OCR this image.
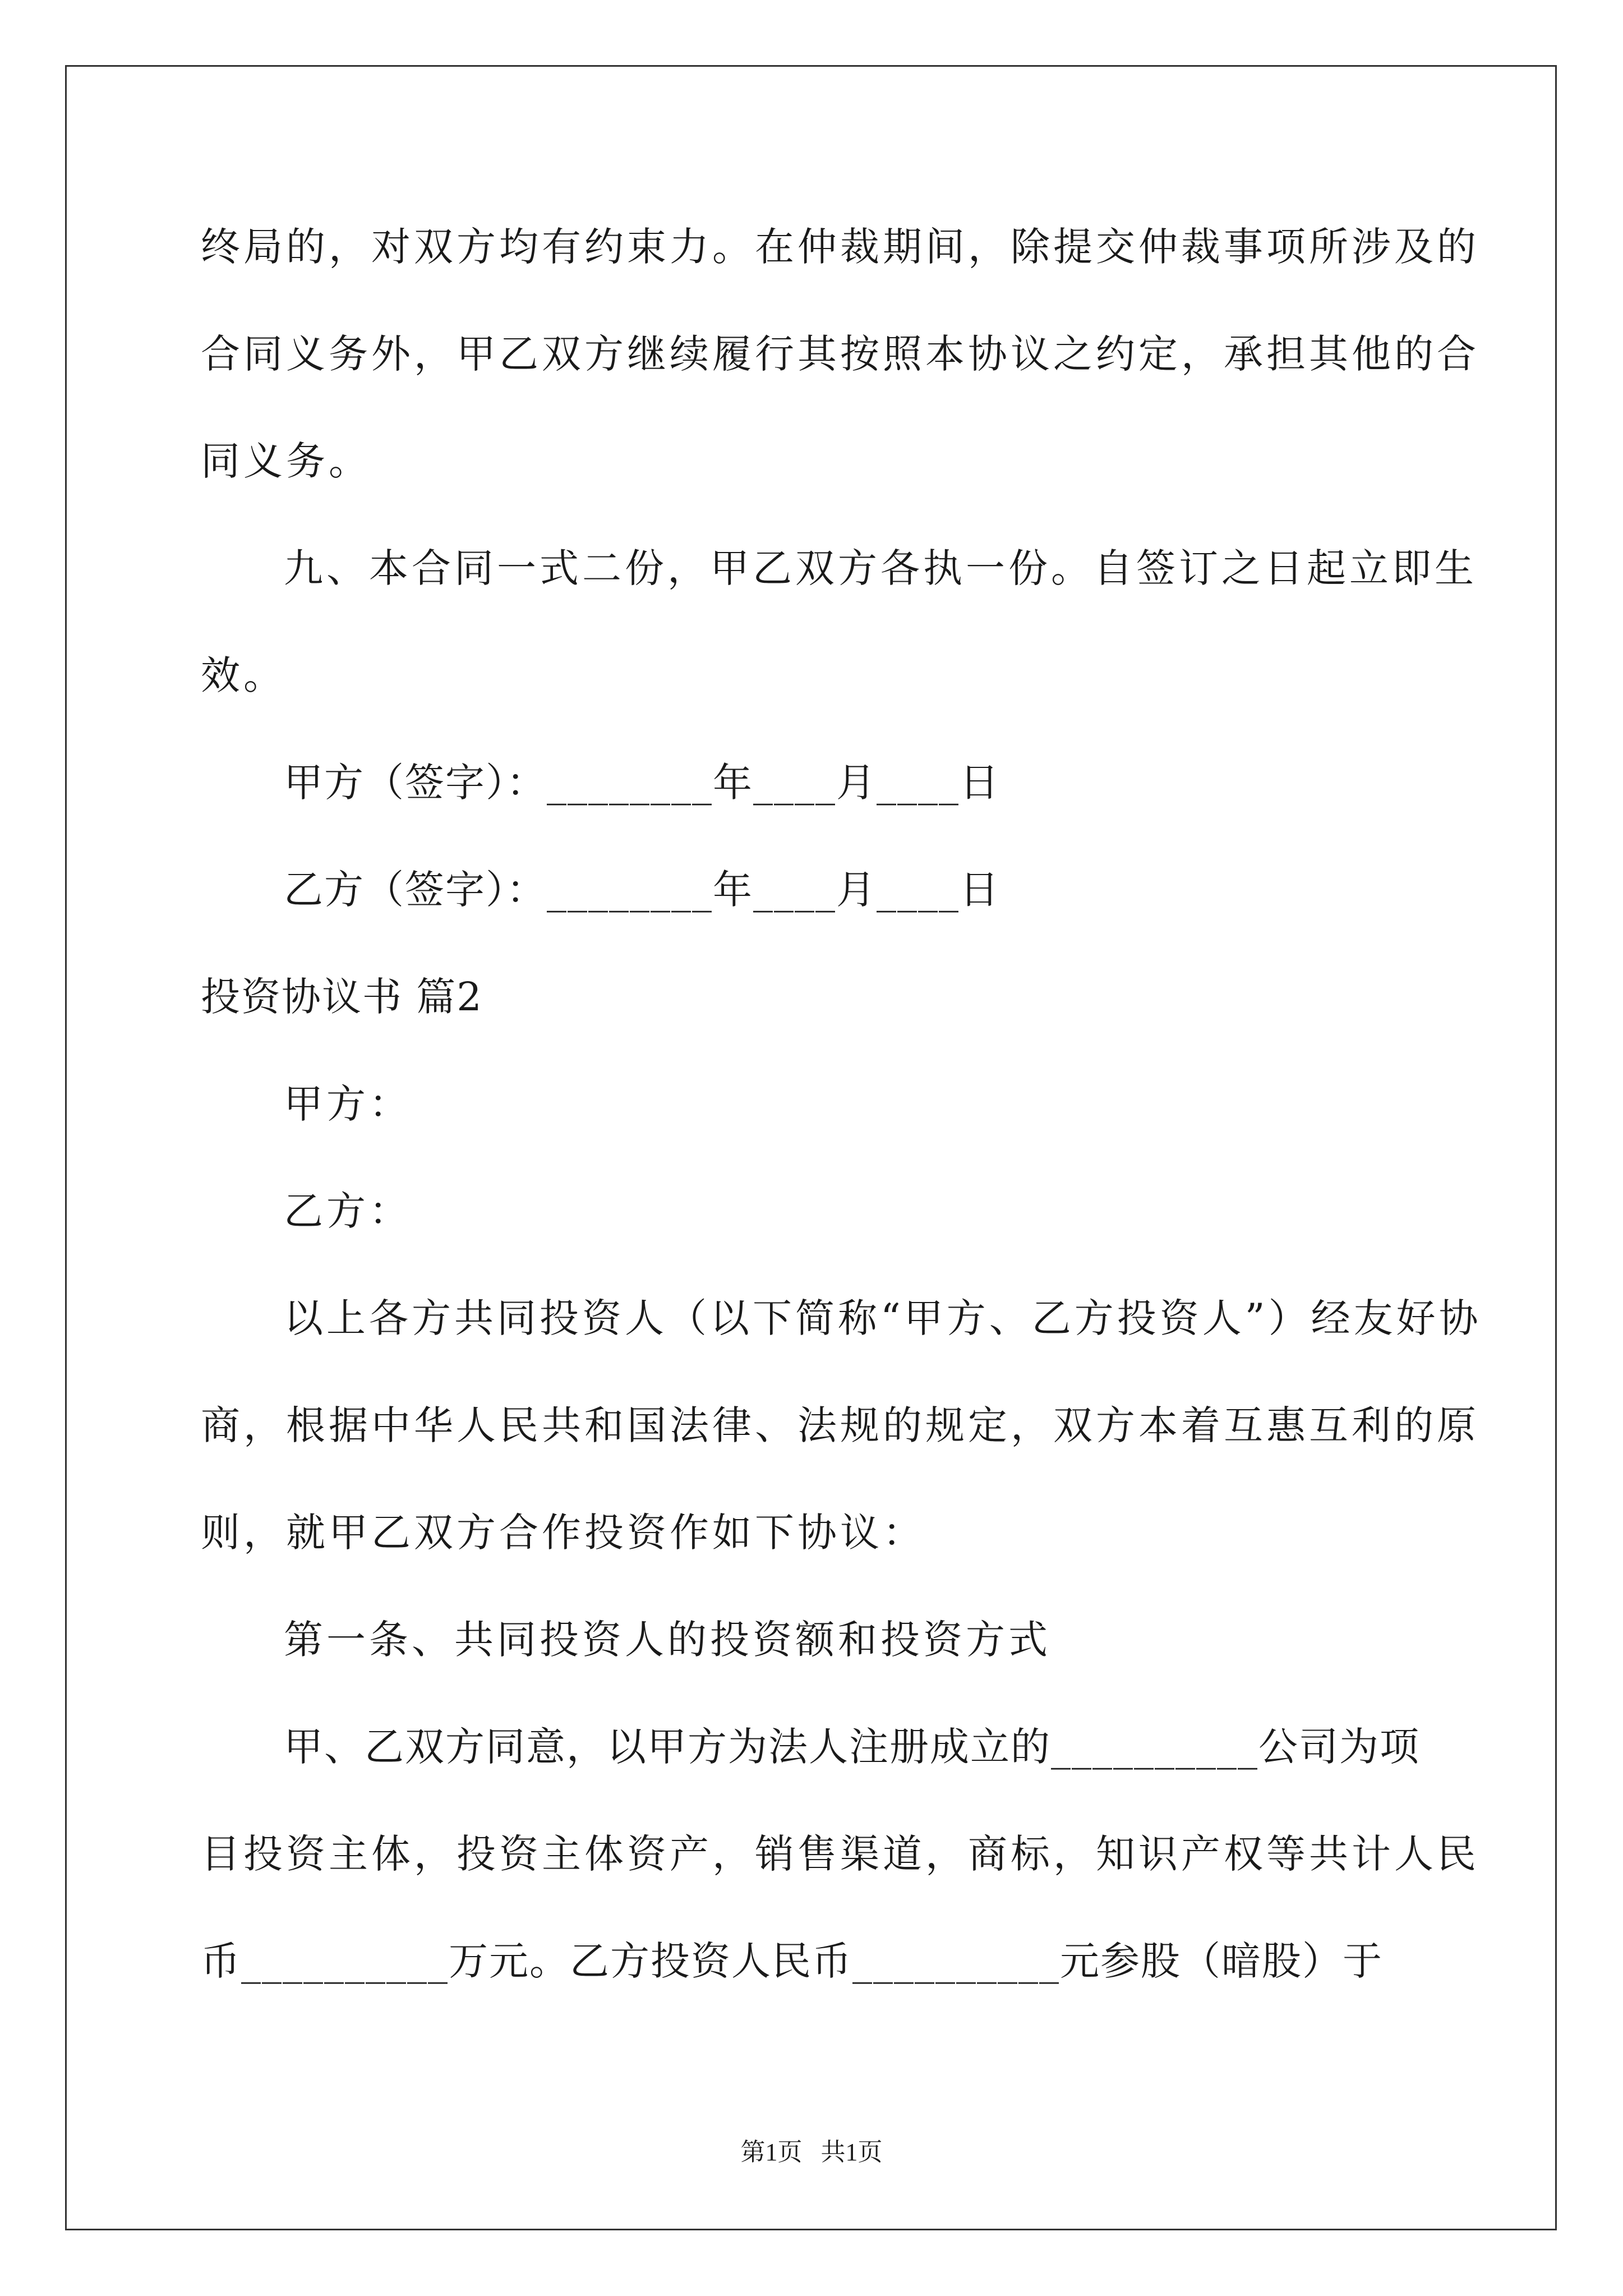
终局的，对双方均有约束力。在仲裁期间，除提交仲裁事项所涉及的
合同义务外，甲乙双方继续履行其按照本协议之约定，承担其他的合
同义务。
九、本合同一式二份，甲乙双方各执一份。自签订之日起立即生
效。
甲方（签字）：________年____月____日
乙方（签字）：________年____月____日
投资协议书 篇2
甲方：
乙方：
以上各方共同投资人（以下简称“甲方、乙方投资人”）经友好协
商，根据中华人民共和国法律、法规的规定，双方本着互惠互利的原
则，就甲乙双方合作投资作如下协议：
第一条、共同投资人的投资额和投资方式
甲、乙双方同意，以甲方为法人注册成立的__________公司为项
目投资主体，投资主体资产，销售渠道，商标，知识产权等共计人民
币__________万元。乙方投资人民币__________元参股（暗股）于
第1页   共1页
